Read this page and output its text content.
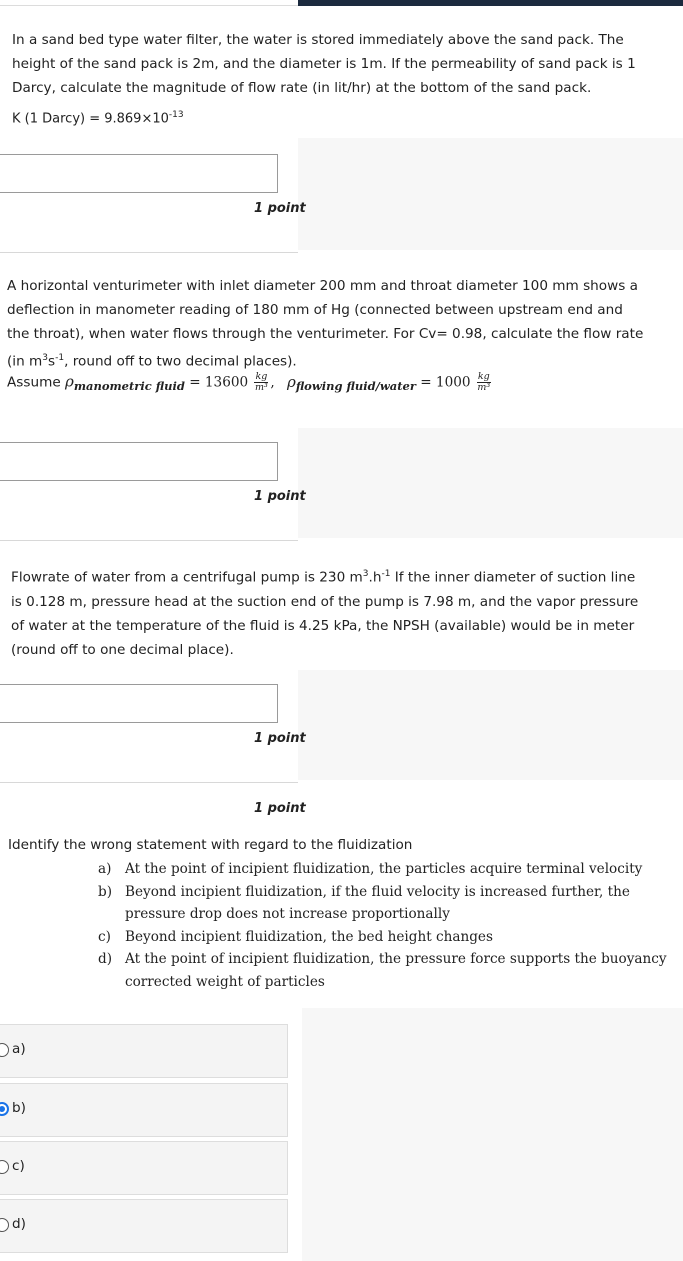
In a sand bed type water filter, the water is stored immediately above the sand pack. The
height of the sand pack is 2m, and the diameter is 1m. If the permeability of sand pack is 1
Darcy, calculate the magnitude of flow rate (in lit/hr) at the bottom of the sand pack.
K (1 Darcy) = $9.869\times 10^{-13}$
1 point
A horizontal venturimeter with inlet diameter 200 mm and throat diameter 100 mm shows a
deflection in manometer reading of 180 mm of Hg (connected between upstream end and
the throat), when water flows through the venturimeter. For Cv= 0.98, calculate the flow rate
(in $m^3s^{-1}$, round off to two decimal places).
Assume $\rho_{manometric fluid} = 13600 \frac{kg}{\text{m³}}$ , $\rho_{flowing fluid/water} = 1000 \frac{kg}{\text{m³}}$
1 point
Flowrate of water from a centrifugal pump is 230 $m^3.h^{-1}$ If the inner diameter of suction line
is 0.128 m, pressure head at the suction end of the pump is 7.98 m, and the vapor pressure
of water at the temperature of the fluid is 4.25 kPa, the NPSH (available) would be in meter
(round off to one decimal place).
1 point
1 point
Identify the wrong statement with regard to the fluidization
a) At the point of incipient fluidization, the particles acquire terminal velocity
b) Beyond incipient fluidization, if the fluid velocity is increased further, the pressure drop does not increase proportionally
c)	Beyond incipient fluidization, the bed height changes
d) At the point of incipient fluidization, the pressure force supports the buoyancy corrected weight of particles
a)
b)
c)
d)
